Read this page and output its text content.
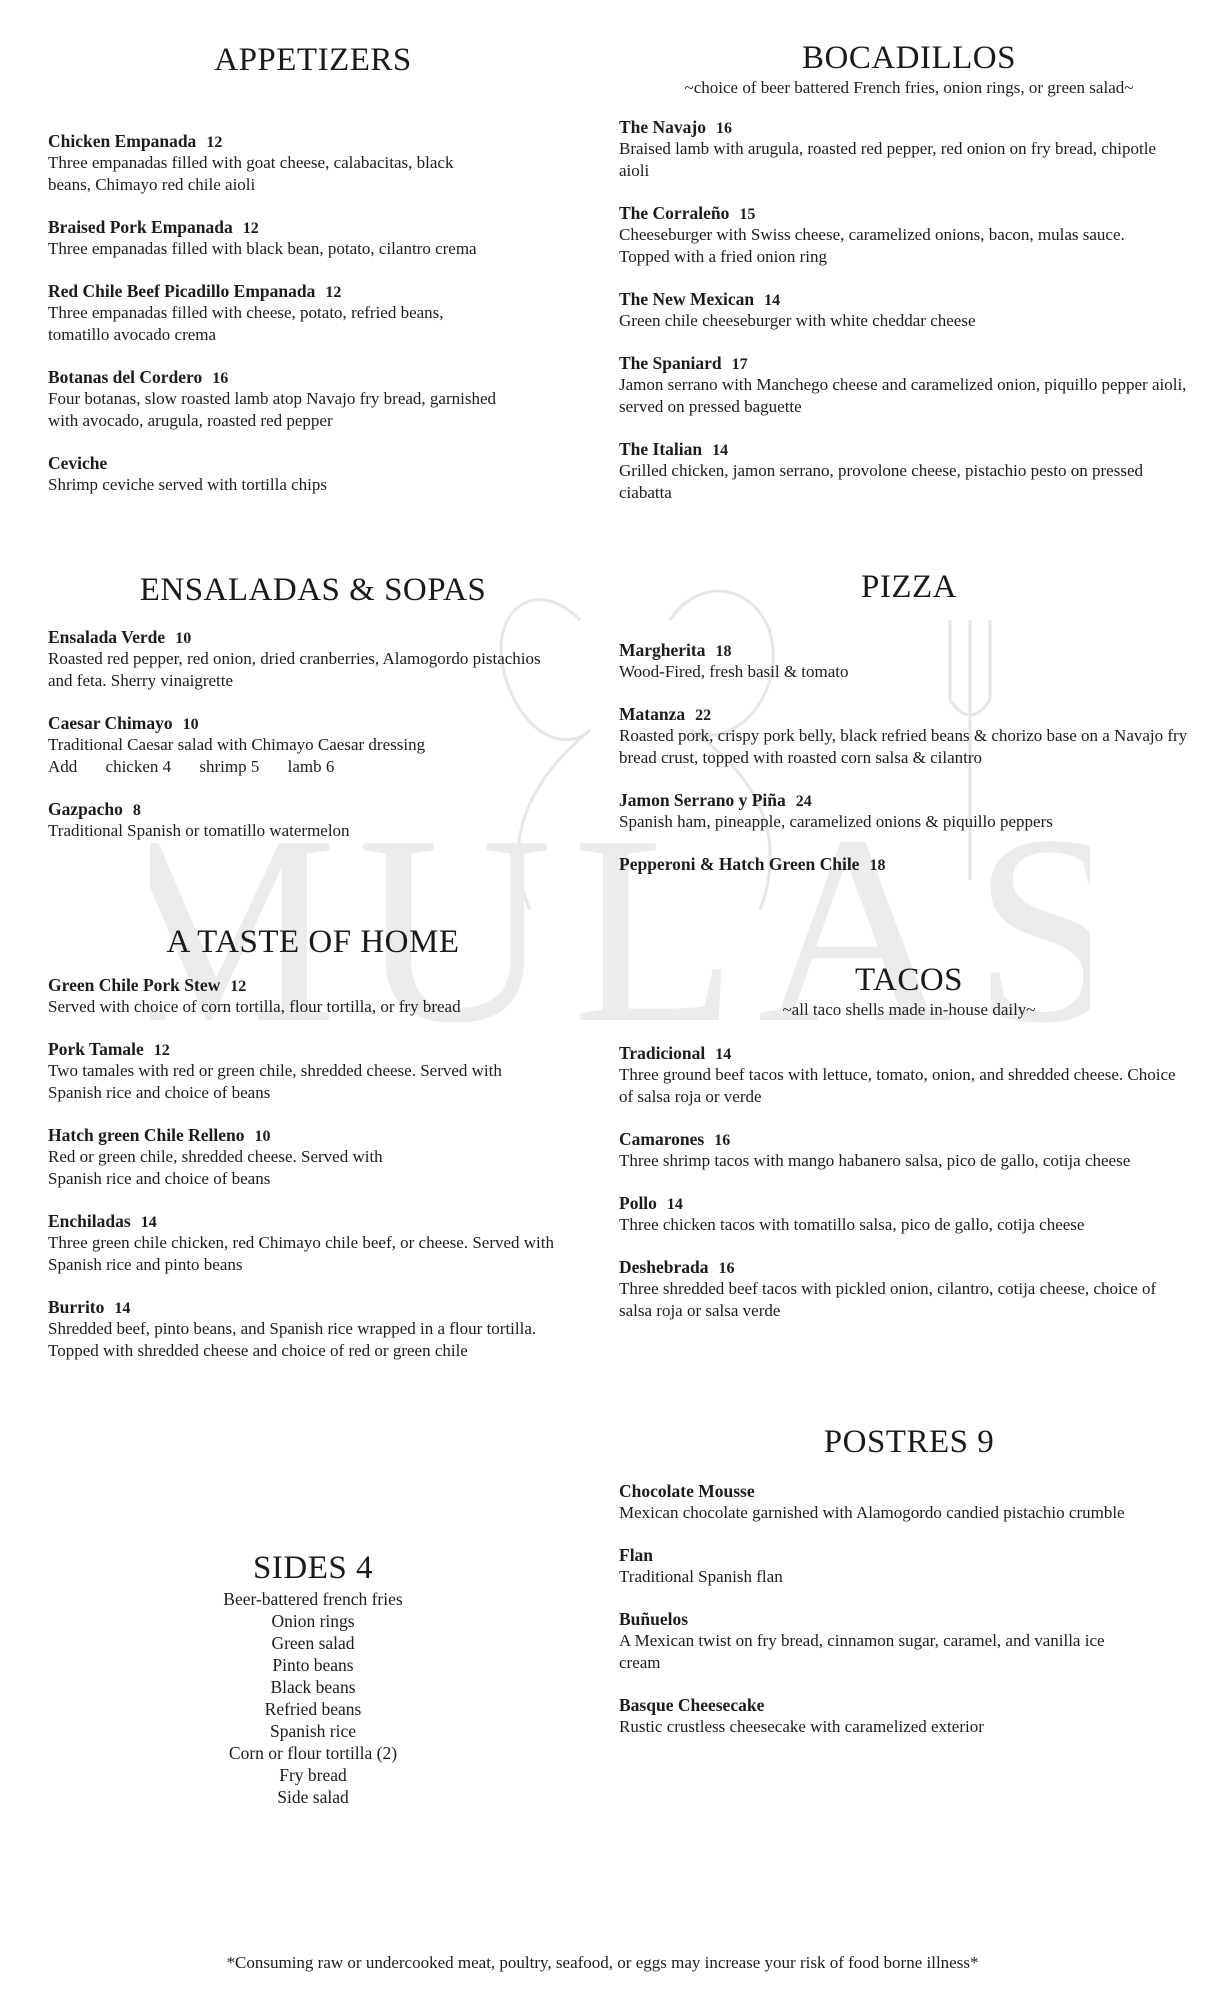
MULAS
APPETIZERS
Chicken Empanada 12
Three empanadas filled with goat cheese, calabacitas, black beans, Chimayo red chile aioli
Braised Pork Empanada 12
Three empanadas filled with black bean, potato, cilantro crema
Red Chile Beef Picadillo Empanada 12
Three empanadas filled with cheese, potato, refried beans, tomatillo avocado crema
Botanas del Cordero 16
Four botanas, slow roasted lamb atop Navajo fry bread, garnished with avocado, arugula, roasted red pepper
Ceviche
Shrimp ceviche served with tortilla chips
ENSALADAS & SOPAS
Ensalada Verde 10
Roasted red pepper, red onion, dried cranberries, Alamogordo pistachios and feta. Sherry vinaigrette
Caesar Chimayo 10
Traditional Caesar salad with Chimayo Caesar dressing
Add chicken 4 shrimp 5 lamb 6
Gazpacho 8
Traditional Spanish or tomatillo watermelon
A TASTE OF HOME
Green Chile Pork Stew 12
Served with choice of corn tortilla, flour tortilla, or fry bread
Pork Tamale 12
Two tamales with red or green chile, shredded cheese. Served with Spanish rice and choice of beans
Hatch green Chile Relleno 10
Red or green chile, shredded cheese. Served with Spanish rice and choice of beans
Enchiladas 14
Three green chile chicken, red Chimayo chile beef, or cheese. Served with Spanish rice and pinto beans
Burrito 14
Shredded beef, pinto beans, and Spanish rice wrapped in a flour tortilla. Topped with shredded cheese and choice of red or green chile
SIDES 4
Beer-battered french fries
Onion rings
Green salad
Pinto beans
Black beans
Refried beans
Spanish rice
Corn or flour tortilla (2)
Fry bread
Side salad
BOCADILLOS
~choice of beer battered French fries, onion rings, or green salad~
The Navajo 16
Braised lamb with arugula, roasted red pepper, red onion on fry bread, chipotle aioli
The Corraleño 15
Cheeseburger with Swiss cheese, caramelized onions, bacon, mulas sauce. Topped with a fried onion ring
The New Mexican 14
Green chile cheeseburger with white cheddar cheese
The Spaniard 17
Jamon serrano with Manchego cheese and caramelized onion, piquillo pepper aioli, served on pressed baguette
The Italian 14
Grilled chicken, jamon serrano, provolone cheese, pistachio pesto on pressed ciabatta
PIZZA
Margherita 18
Wood-Fired, fresh basil & tomato
Matanza 22
Roasted pork, crispy pork belly, black refried beans & chorizo base on a Navajo fry bread crust, topped with roasted corn salsa & cilantro
Jamon Serrano y Piña 24
Spanish ham, pineapple, caramelized onions & piquillo peppers
Pepperoni & Hatch Green Chile 18
TACOS
~all taco shells made in-house daily~
Tradicional 14
Three ground beef tacos with lettuce, tomato, onion, and shredded cheese. Choice of salsa roja or verde
Camarones 16
Three shrimp tacos with mango habanero salsa, pico de gallo, cotija cheese
Pollo 14
Three chicken tacos with tomatillo salsa, pico de gallo, cotija cheese
Deshebrada 16
Three shredded beef tacos with pickled onion, cilantro, cotija cheese, choice of salsa roja or salsa verde
POSTRES 9
Chocolate Mousse
Mexican chocolate garnished with Alamogordo candied pistachio crumble
Flan
Traditional Spanish flan
Buñuelos
A Mexican twist on fry bread, cinnamon sugar, caramel, and vanilla ice cream
Basque Cheesecake
Rustic crustless cheesecake with caramelized exterior
*Consuming raw or undercooked meat, poultry, seafood, or eggs may increase your risk of food borne illness*
